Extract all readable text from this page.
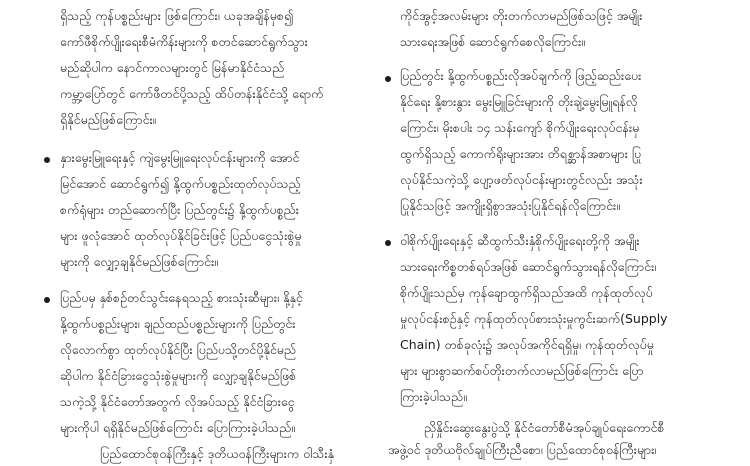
ရှိသည့် ကုန်ပစ္စည်းများ ဖြစ်ကြောင်း၊ ယခုအချိန်မှစ၍
ကော်ဖီစိုက်ပျိုးရေးစီမံကိန်းများကို စတင်ဆောင်ရွက်သွား
မည်ဆိုပါက နောင်ကာလများတွင် မြန်မာနိုင်ငံသည်
ကမ္ဘာ့ပြော်တွင် ကော်ဖီတင်ပို့သည့် ထိပ်တန်းနိုင်ငံသို့ ရောက်
ရှိနိုင်မည်ဖြစ်ကြောင်း။
နှားမွေးမြူရေးနှင့် ကျဲမွေးမြူရေးလုပ်ငန်းများကို အောင်
မြင်အောင် ဆောင်ရွက်၍ နို့ထွက်ပစ္စည်းထုတ်လုပ်သည့်
စက်ရုံများ တည်ဆောက်ပြီး ပြည်တွင်း၌ နို့ထွက်ပစ္စည်း
များ ဖူလုံအောင် ထုတ်လုပ်နိုင်ခြင်းဖြင့် ပြည်ပငွေသုံးစွဲမှု
များကို လျှော့ချနိုင်မည်ဖြစ်ကြောင်း။
ပြည်ပမှ နှစ်စဉ်တင်သွင်းနေရသည့် စားသုံးဆီများ၊ နို့နှင့်
နို့ထွက်ပစ္စည်းများ၊ ချည်ထည်ပစ္စည်းများကို ပြည်တွင်း
လိုလောက်စွာ ထုတ်လုပ်နိုင်ပြီး ပြည်ပသို့တင်ပို့နိုင်မည်
ဆိုပါက နိုင်ငံခြားငွေသုံးစွဲမှုများကို လျှော့ချနိုင်မည်ဖြစ်
သကဲ့သို့ နိုင်ငံတော်အတွက် လိုအပ်သည့် နိုင်ငံခြားငွေ
များကိုပါ ရရှိနိုင်မည်ဖြစ်ကြောင်း ပြောကြားခဲ့ပါသည်။
ပြည်ထောင်စုဝန်ကြီးနှင့် ဒုတိယဝန်ကြီးများက ဝါသီးနှံ
ကိုင်အွင့်အလမ်းများ တိုးတက်လာမည်ဖြစ်သဖြင့် အမျိုး
သားရေးအဖြစ် ဆောင်ရွက်စေလိုကြောင်း။
ပြည်တွင်း နို့ထွက်ပစ္စည်းလိုအပ်ချက်ကို ဖြည့်ဆည်းပေး
နိုင်ရေး နို့စားနွား မွေးမြူခြင်းများကို တိုးချဲ့မွေးမြူရန်လို
ကြောင်း၊ မိုးစပါး ၁၄ သန်းကျော် စိုက်ပျိုးရေးလုပ်ငန်းမှ
ထွက်ရှိသည့် ကောက်ရိုးများအား တိရစ္ဆာန်အစာများ ပြု
လုပ်နိုင်သကဲ့သို့ ပျော့ဖတ်လုပ်ငန်းများတွင်လည်း အသုံး
ပြုနိုင်သဖြင့် အကျိုးရှိစွာအသုံးပြုနိုင်ရန်လိုကြောင်း။
ဝါစိုက်ပျိုးရေးနှင့် ဆီထွက်သီးနှံစိုက်ပျိုးရေးတို့ကို အမျိုး
သားရေးကိစ္စတစ်ရပ်အဖြစ် ဆောင်ရွက်သွားရန်လိုကြောင်း၊
စိုက်ပျိုးသည်မှ ကုန်ချောထွက်ရှိသည်အထိ ကုန်ထုတ်လုပ်
မှုလုပ်ငန်းစဉ်နှင့် ကုန်ထုတ်လုပ်စားသုံးမှုကွင်းဆက်(Supply
Chain) တစ်ခုလုံး၌ အလုပ်အကိုင်ရရှိမှု၊ ကုန်ထုတ်လုပ်မှု
များ များစွာဆက်စပ်တိုးတက်လာမည်ဖြစ်ကြောင်း ပြော
ကြားခဲ့ပါသည်။
ညှိနှိုင်းဆွေးနွေးပွဲသို့ နိုင်ငံတော်စီမံအုပ်ချုပ်ရေးကောင်စီ
အဖွဲ့ဝင် ဒုတိယဗိုလ်ချုပ်ကြီးညီစော၊ ပြည်ထောင်စုဝန်ကြီးများ၊
